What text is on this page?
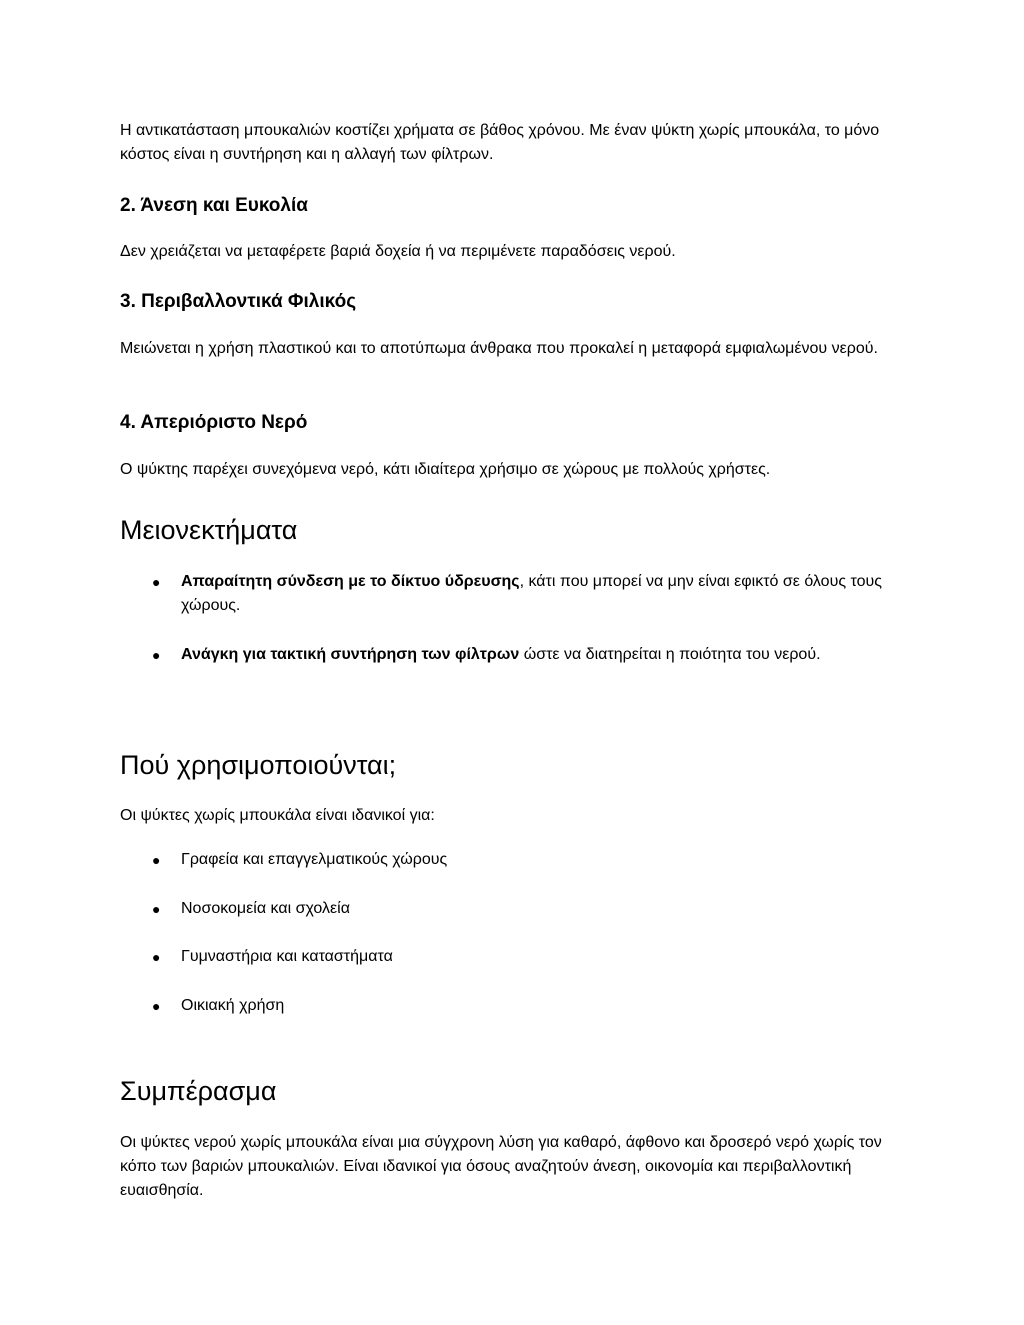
Η αντικατάσταση μπουκαλιών κοστίζει χρήματα σε βάθος χρόνου. Με έναν ψύκτη χωρίς μπουκάλα, το μόνο κόστος είναι η συντήρηση και η αλλαγή των φίλτρων.

2. Άνεση και Ευκολία

Δεν χρειάζεται να μεταφέρετε βαριά δοχεία ή να περιμένετε παραδόσεις νερού.

3. Περιβαλλοντικά Φιλικός

Μειώνεται η χρήση πλαστικού και το αποτύπωμα άνθρακα που προκαλεί η μεταφορά εμφιαλωμένου νερού.

4. Απεριόριστο Νερό

Ο ψύκτης παρέχει συνεχόμενα νερό, κάτι ιδιαίτερα χρήσιμο σε χώρους με πολλούς χρήστες.

Μειονεκτήματα
● Απαραίτητη σύνδεση με το δίκτυο ύδρευσης, κάτι που μπορεί να μην είναι εφικτό σε όλους τους χώρους.
● Ανάγκη για τακτική συντήρηση των φίλτρων ώστε να διατηρείται η ποιότητα του νερού.
Πού χρησιμοποιούνται;

Οι ψύκτες χωρίς μπουκάλα είναι ιδανικοί για:

● Γραφεία και επαγγελματικούς χώρους
● Νοσοκομεία και σχολεία
● Γυμναστήρια και καταστήματα
● Οικιακή χρήση
Συμπέρασμα

Οι ψύκτες νερού χωρίς μπουκάλα είναι μια σύγχρονη λύση για καθαρό, άφθονο και δροσερό νερό χωρίς τον κόπο των βαριών μπουκαλιών. Είναι ιδανικοί για όσους αναζητούν άνεση, οικονομία και περιβαλλοντική ευαισθησία.
